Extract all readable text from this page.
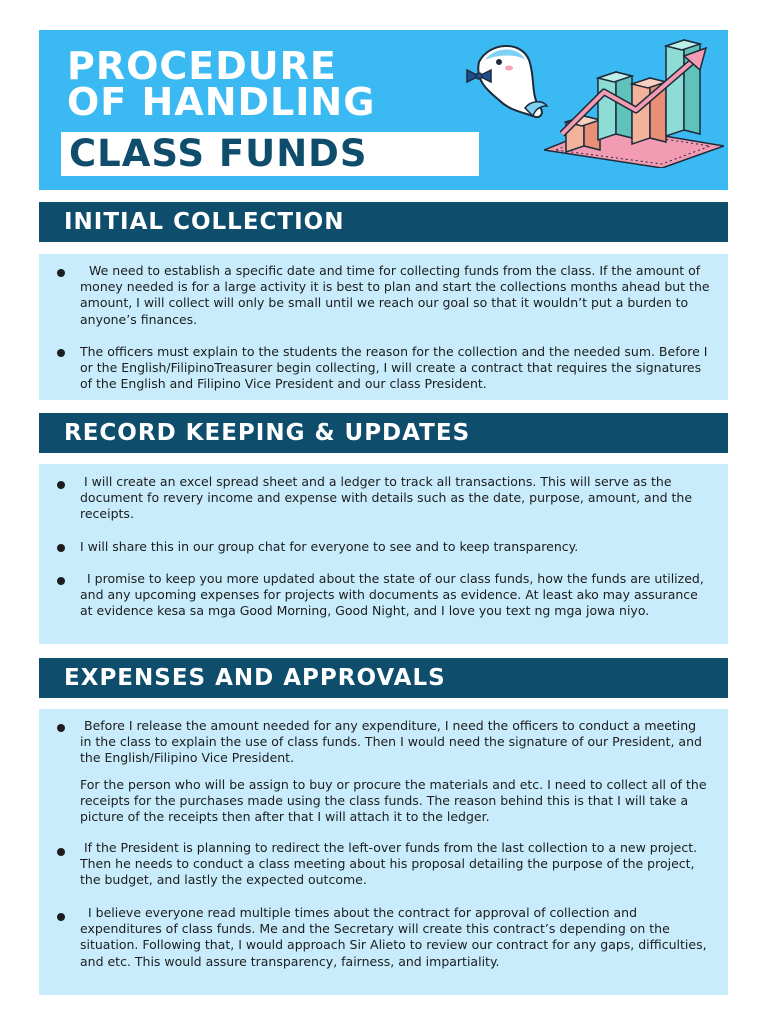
PROCEDURE
OF HANDLING
CLASS FUNDS
INITIAL COLLECTION
We need to establish a specific date and time for collecting funds from the class. If the amount of money needed is for a large activity it is best to plan and start the collections months ahead but the amount, I will collect will only be small until we reach our goal so that it wouldn’t put a burden to anyone’s finances.
The officers must explain to the students the reason for the collection and the needed sum. Before I or the English/FilipinoTreasurer begin collecting, I will create a contract that requires the signatures of the English and Filipino Vice President and our class President.
RECORD KEEPING & UPDATES
I will create an excel spread sheet and a ledger to track all transactions. This will serve as the document fo revery income and expense with details such as the date, purpose, amount, and the receipts.
I will share this in our group chat for everyone to see and to keep transparency.
I promise to keep you more updated about the state of our class funds, how the funds are utilized, and any upcoming expenses for projects with documents as evidence. At least ako may assurance at evidence kesa sa mga Good Morning, Good Night, and I love you text ng mga jowa niyo.
EXPENSES AND APPROVALS
Before I release the amount needed for any expenditure, I need the officers to conduct a meeting in the class to explain the use of class funds. Then I would need the signature of our President, and the English/Filipino Vice President.
For the person who will be assign to buy or procure the materials and etc. I need to collect all of the receipts for the purchases made using the class funds. The reason behind this is that I will take a picture of the receipts then after that I will attach it to the ledger.
If the President is planning to redirect the left-over funds from the last collection to a new project. Then he needs to conduct a class meeting about his proposal detailing the purpose of the project, the budget, and lastly the expected outcome.
I believe everyone read multiple times about the contract for approval of collection and expenditures of class funds. Me and the Secretary will create this contract’s depending on the situation. Following that, I would approach Sir Alieto to review our contract for any gaps, difficulties, and etc. This would assure transparency, fairness, and impartiality.
